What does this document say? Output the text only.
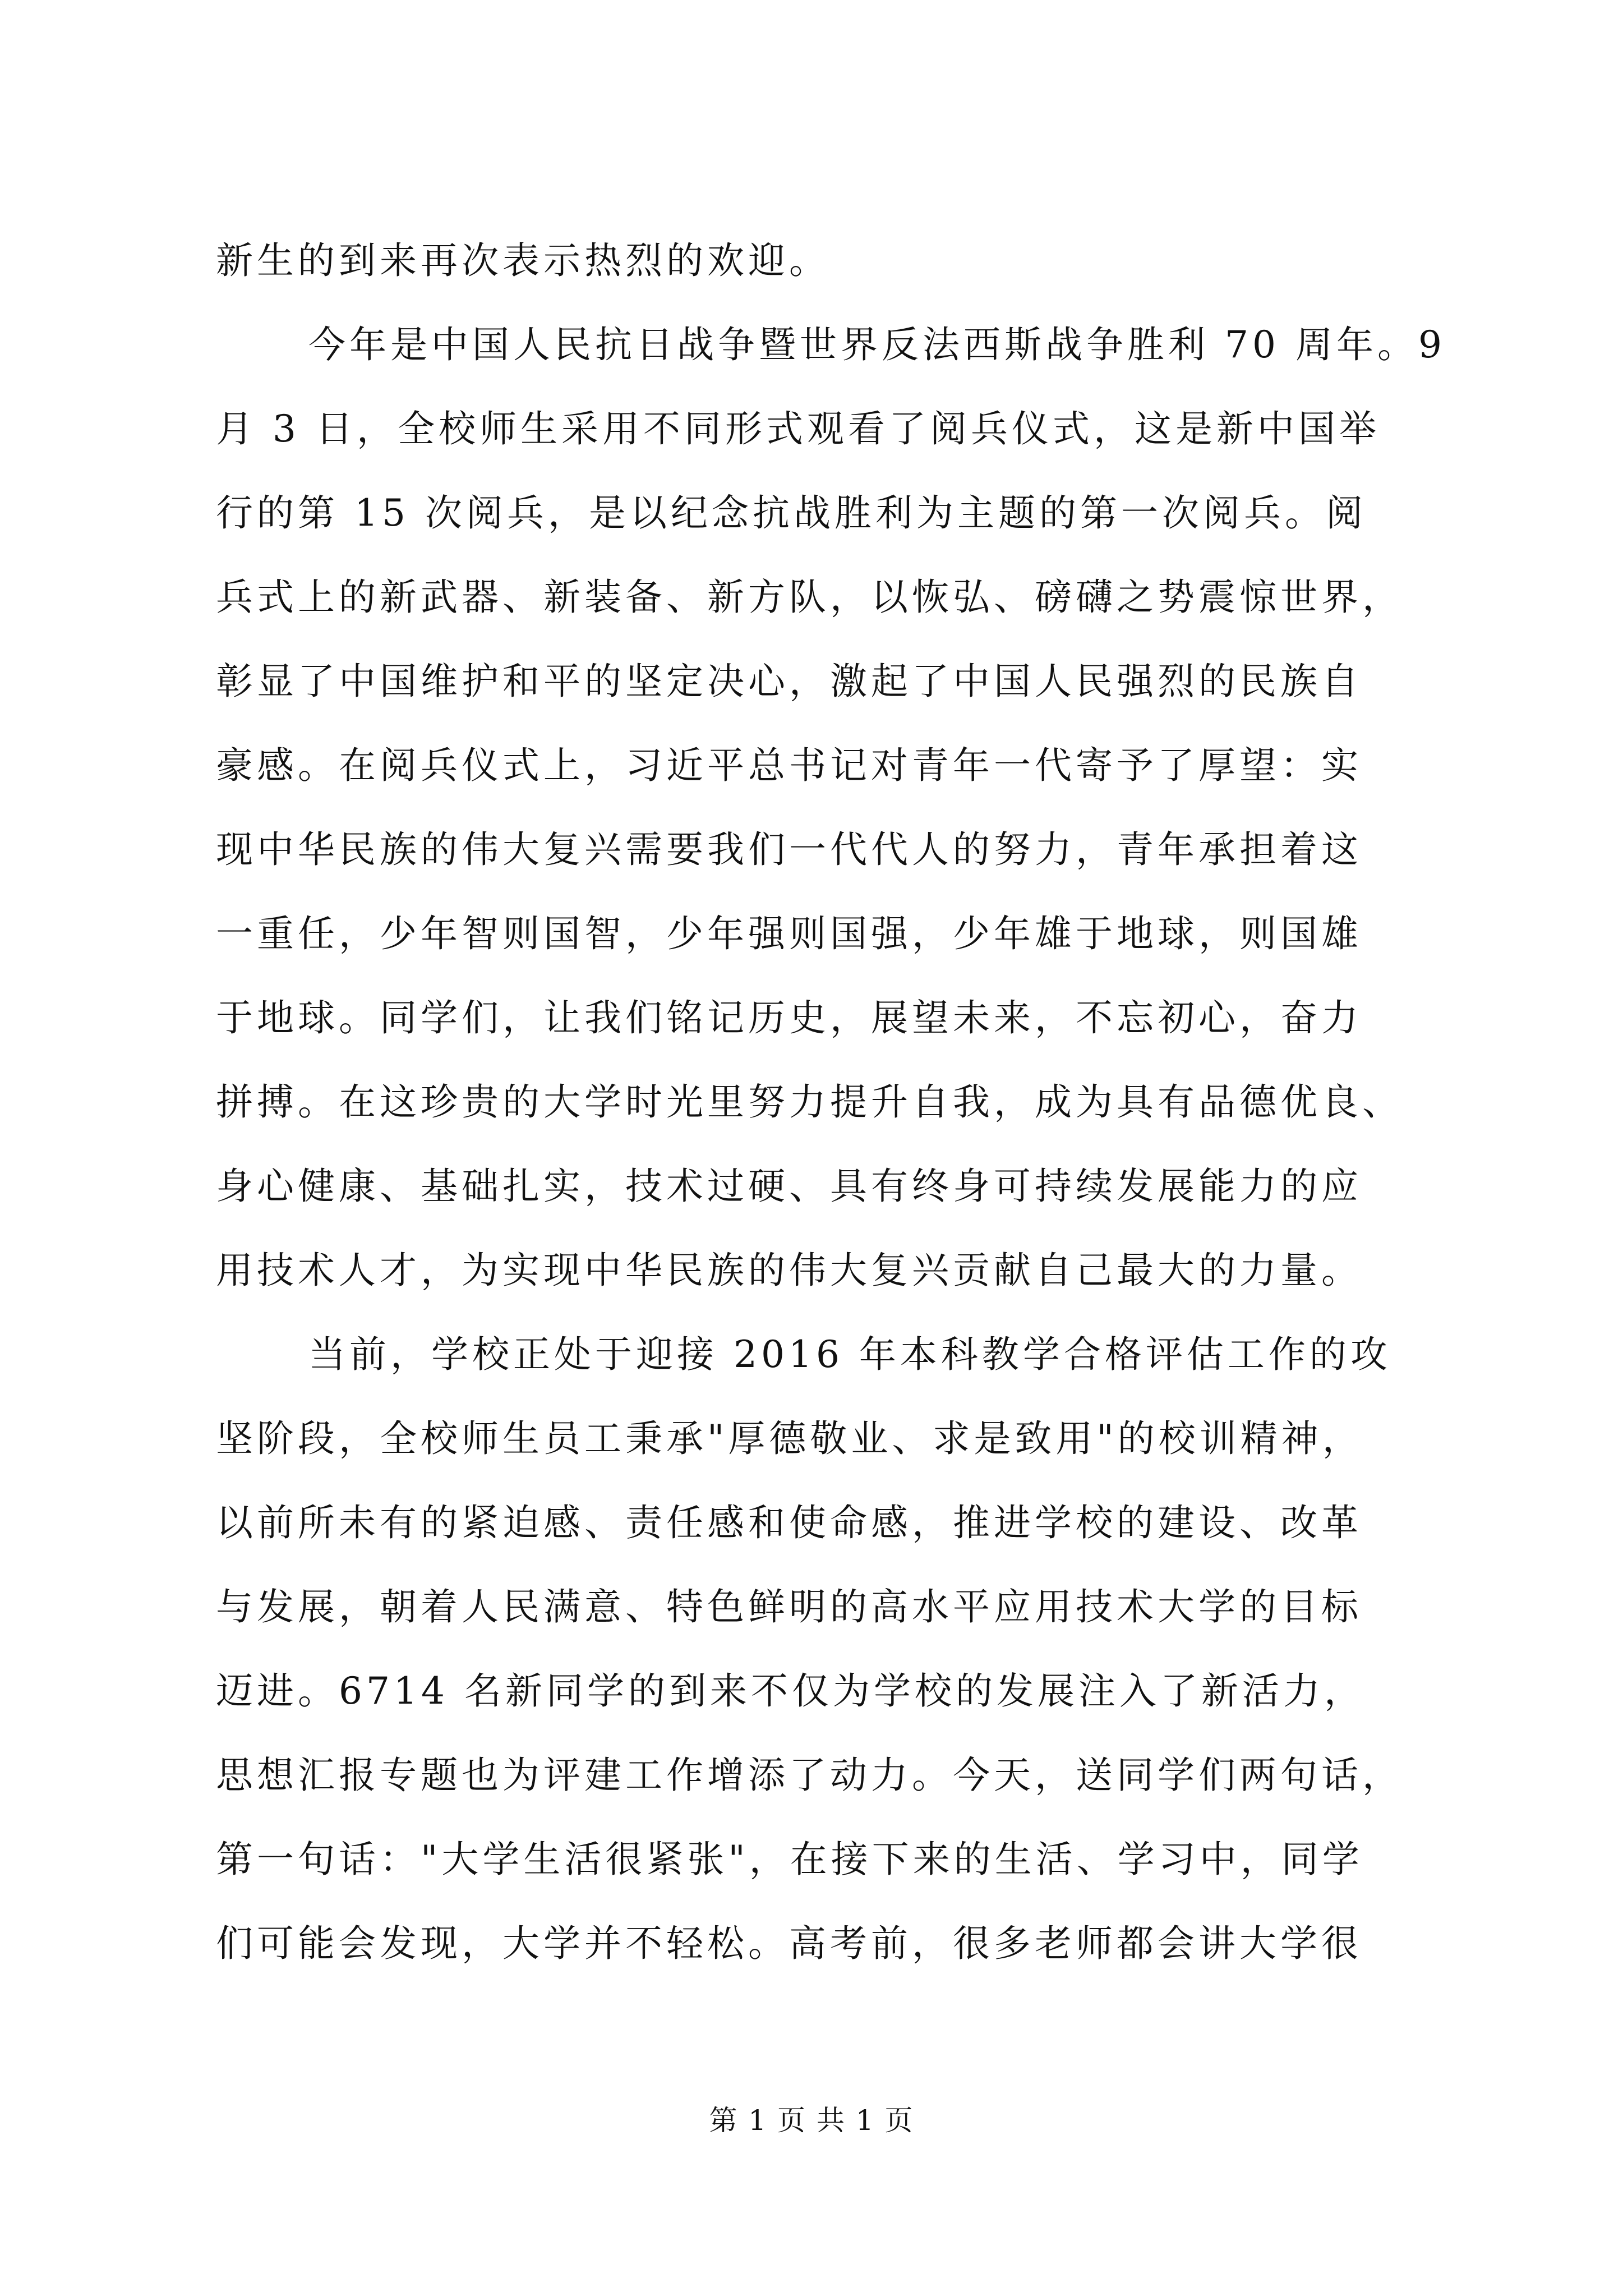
新生的到来再次表示热烈的欢迎。
今年是中国人民抗日战争暨世界反法西斯战争胜利 70 周年。9
月 3 日，全校师生采用不同形式观看了阅兵仪式，这是新中国举
行的第 15 次阅兵，是以纪念抗战胜利为主题的第一次阅兵。阅
兵式上的新武器、新装备、新方队，以恢弘、磅礴之势震惊世界，
彰显了中国维护和平的坚定决心，激起了中国人民强烈的民族自
豪感。在阅兵仪式上，习近平总书记对青年一代寄予了厚望：实
现中华民族的伟大复兴需要我们一代代人的努力，青年承担着这
一重任，少年智则国智，少年强则国强，少年雄于地球，则国雄
于地球。同学们，让我们铭记历史，展望未来，不忘初心，奋力
拼搏。在这珍贵的大学时光里努力提升自我，成为具有品德优良、
身心健康、基础扎实，技术过硬、具有终身可持续发展能力的应
用技术人才，为实现中华民族的伟大复兴贡献自己最大的力量。
当前，学校正处于迎接 2016 年本科教学合格评估工作的攻
坚阶段，全校师生员工秉承"厚德敬业、求是致用"的校训精神，
以前所未有的紧迫感、责任感和使命感，推进学校的建设、改革
与发展，朝着人民满意、特色鲜明的高水平应用技术大学的目标
迈进。6714 名新同学的到来不仅为学校的发展注入了新活力，
思想汇报专题也为评建工作增添了动力。今天，送同学们两句话，
第一句话："大学生活很紧张"，在接下来的生活、学习中，同学
们可能会发现，大学并不轻松。高考前，很多老师都会讲大学很
第 1 页 共 1 页
